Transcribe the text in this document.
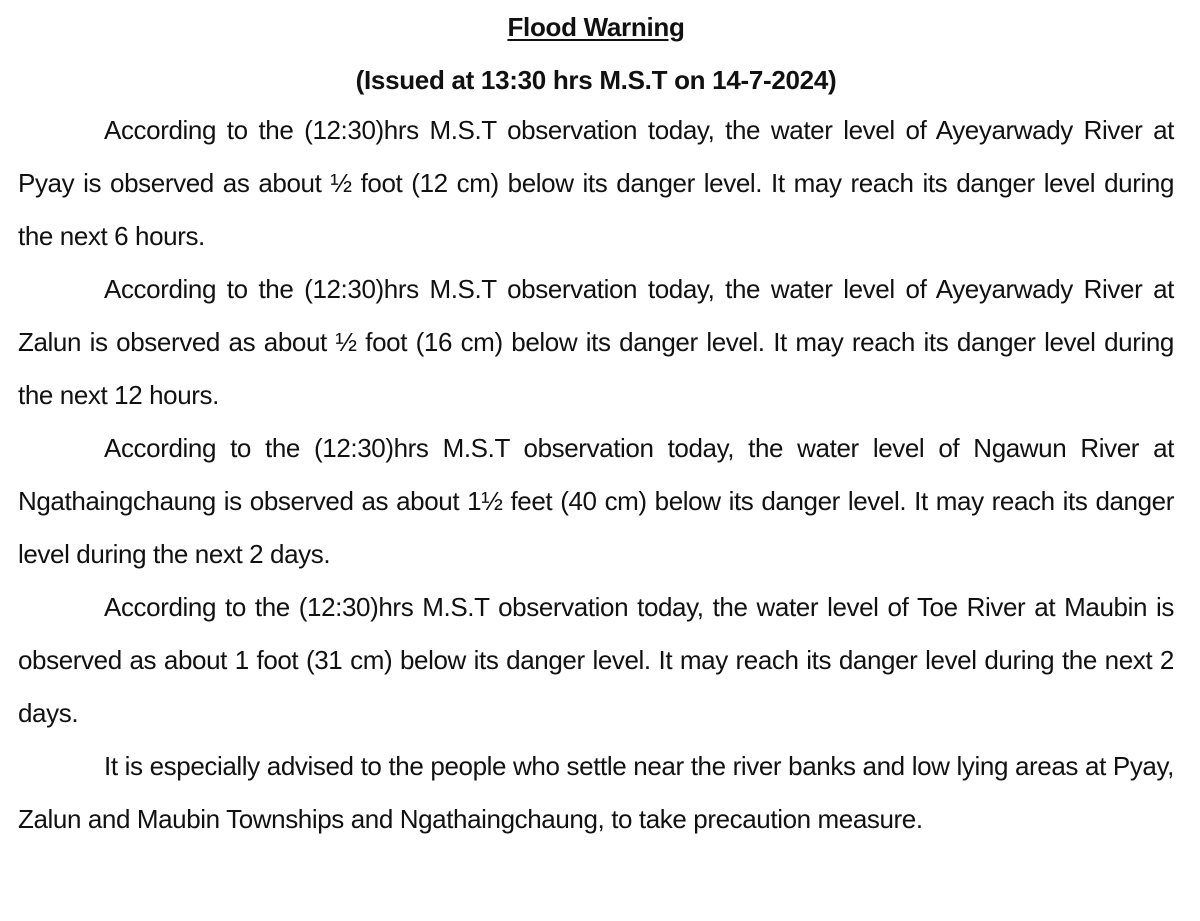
Flood Warning

(Issued at 13:30 hrs M.S.T on 14-7-2024)

According to the (12:30)hrs M.S.T observation today, the water level of Ayeyarwady River at Pyay is observed as about ½ foot (12 cm) below its danger level. It may reach its danger level during the next 6 hours.

According to the (12:30)hrs M.S.T observation today, the water level of Ayeyarwady River at Zalun is observed as about ½ foot (16 cm) below its danger level. It may reach its danger level during the next 12 hours.

According to the (12:30)hrs M.S.T observation today, the water level of Ngawun River at Ngathaingchaung is observed as about 1½ feet (40 cm) below its danger level. It may reach its danger level during the next 2 days.

According to the (12:30)hrs M.S.T observation today, the water level of Toe River at Maubin is observed as about 1 foot (31 cm) below its danger level. It may reach its danger level during the next 2 days.

It is especially advised to the people who settle near the river banks and low lying areas at Pyay, Zalun and Maubin Townships and Ngathaingchaung, to take precaution measure.
